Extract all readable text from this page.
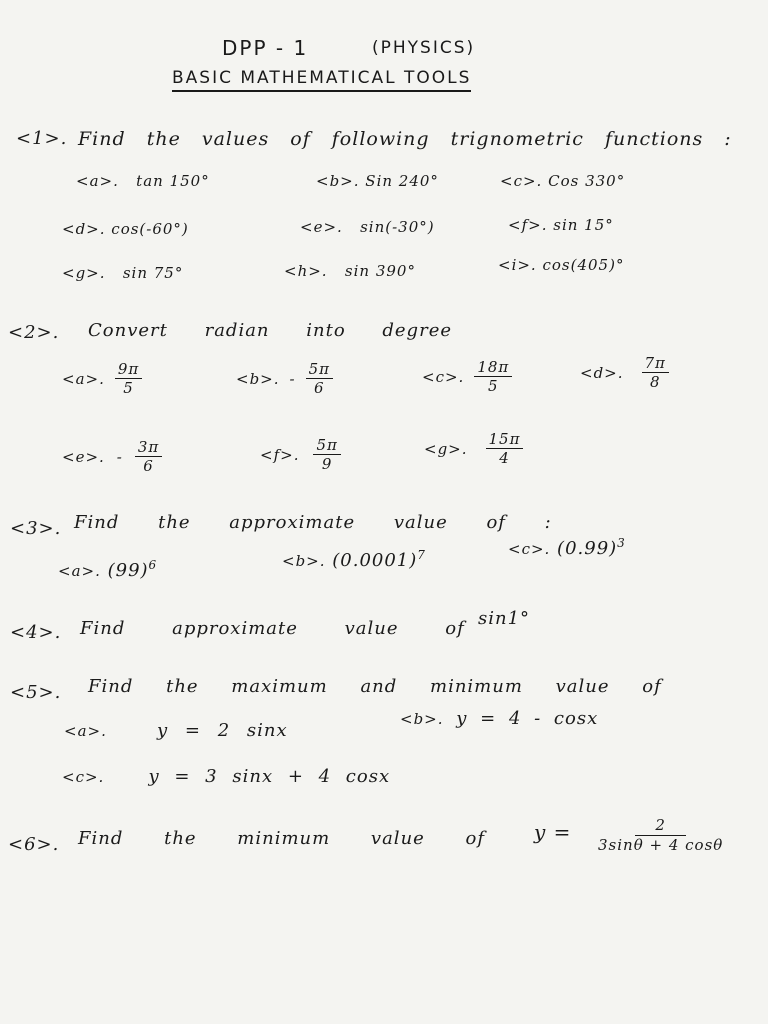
DPP - 1	(PHYSICS)
BASIC MATHEMATICAL TOOLS
<1>. Find the values of following trignometric functions :
<a>. tan 150°	<b>. Sin 240°	<c>. Cos 330°
<d>. cos(-60°)	<e>. sin(-30°)	<f>. sin 15°
<g>. sin 75°	<h>. sin 390°	<i>. cos(405)°
<2>. Convert radian into degree
<a>. $\frac{9\pi}{5}$	<b>. - $\frac{5\pi}{6}$	<c>. $\frac{18\pi}{5}$	<d>. $\frac{7\pi}{8}$
<e>. - $\frac{3\pi}{6}$	<f>. $\frac{5\pi}{9}$	<g>. $\frac{15\pi}{4}$
<3>. Find the approximate value of :
<a>. $(99)^6$	<b>. $(0.0001)^7$	<c>. $(0.99)^3$
<4>. Find approximate value of sin1°
<5>. Find the maximum and minimum value of
<a>.	y = 2 sinx
<b>. y = 4 - cosx
<c>. y = 3 sinx + 4 cosx
<6>. Find the minimum value of $y = \frac{2}{3\sin\theta + 4 \cos\theta}$
